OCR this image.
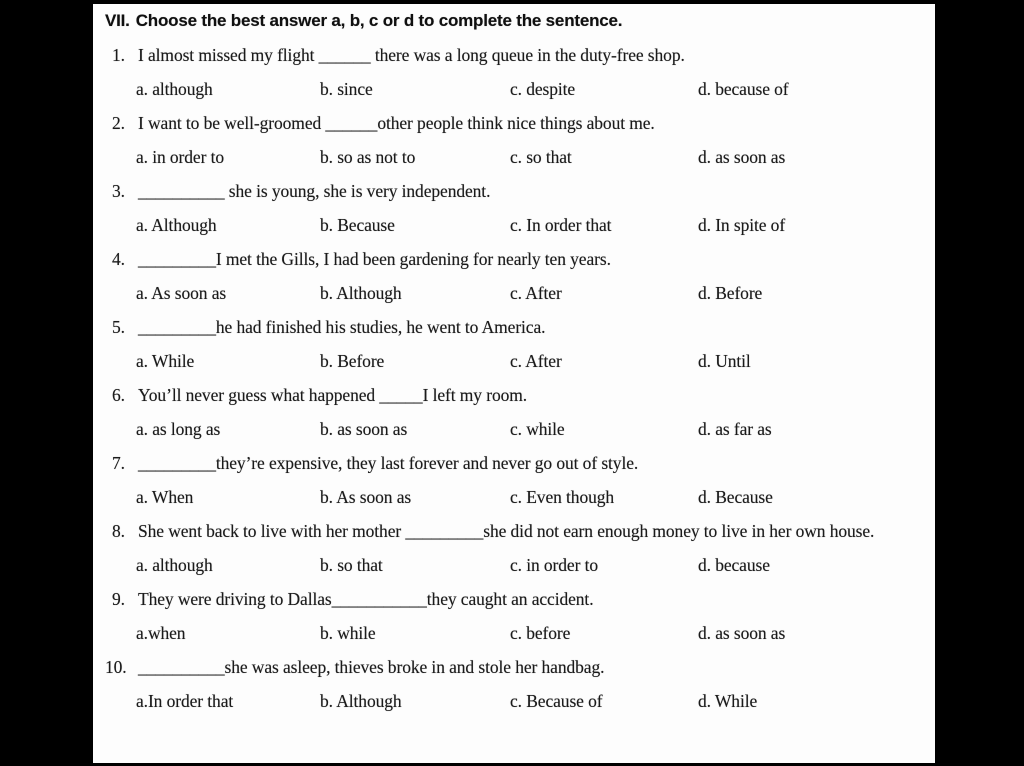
VII. Choose the best answer a, b, c or d to complete the sentence.
1. I almost missed my flight ______ there was a long queue in the duty-free shop.
a. although	b. since	c. despite	d. because of
2. I want to be well-groomed ______other people think nice things about me.
a. in order to	b. so as not to	c. so that	d. as soon as
3. __________ she is young, she is very independent.
a. Although	b. Because	c. In order that	d. In spite of
4. _________I met the Gills, I had been gardening for nearly ten years.
a. As soon as	b. Although	c. After	d. Before
5. _________he had finished his studies, he went to America.
a. While	b. Before	c. After	d. Until
6. You’ll never guess what happened _____I left my room.
a. as long as	b. as soon as	c. while	d. as far as
7. _________they’re expensive, they last forever and never go out of style.
a. When	b. As soon as	c. Even though	d. Because
8. She went back to live with her mother _________she did not earn enough money to live in her own house.
a. although	b. so that	c. in order to	d. because
9. They were driving to Dallas___________they caught an accident.
a.when	b. while	c. before	d. as soon as
10. __________she was asleep, thieves broke in and stole her handbag.
a.In order that	b. Although	c. Because of	d. While
